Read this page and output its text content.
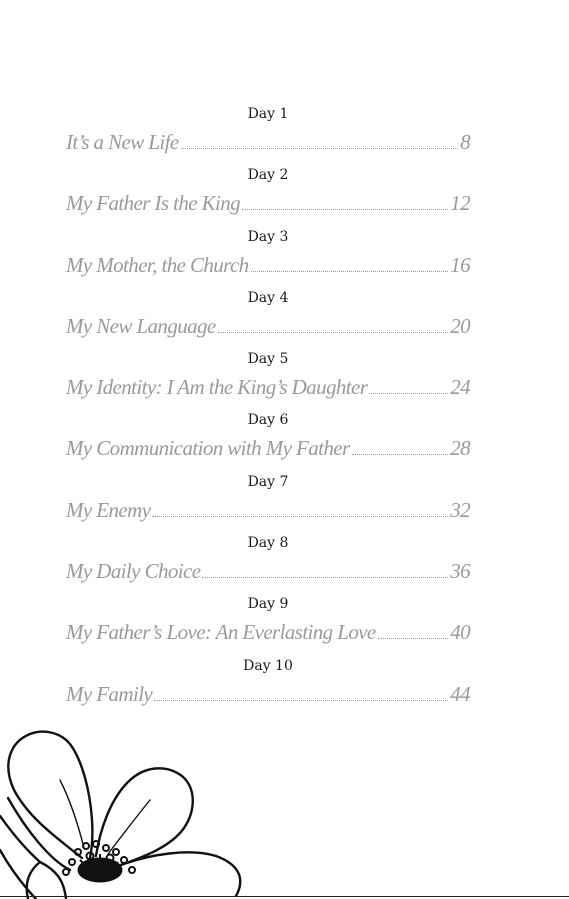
Day 1
It’s a New Life	8
Day 2
My Father Is the King	12
Day 3
My Mother, the Church	16
Day 4
My New Language	20
Day 5
My Identity: I Am the King’s Daughter	24
Day 6
My Communication with My Father	28
Day 7
My Enemy	32
Day 8
My Daily Choice	36
Day 9
My Father’s Love: An Everlasting Love	40
Day 10
My Family	44
